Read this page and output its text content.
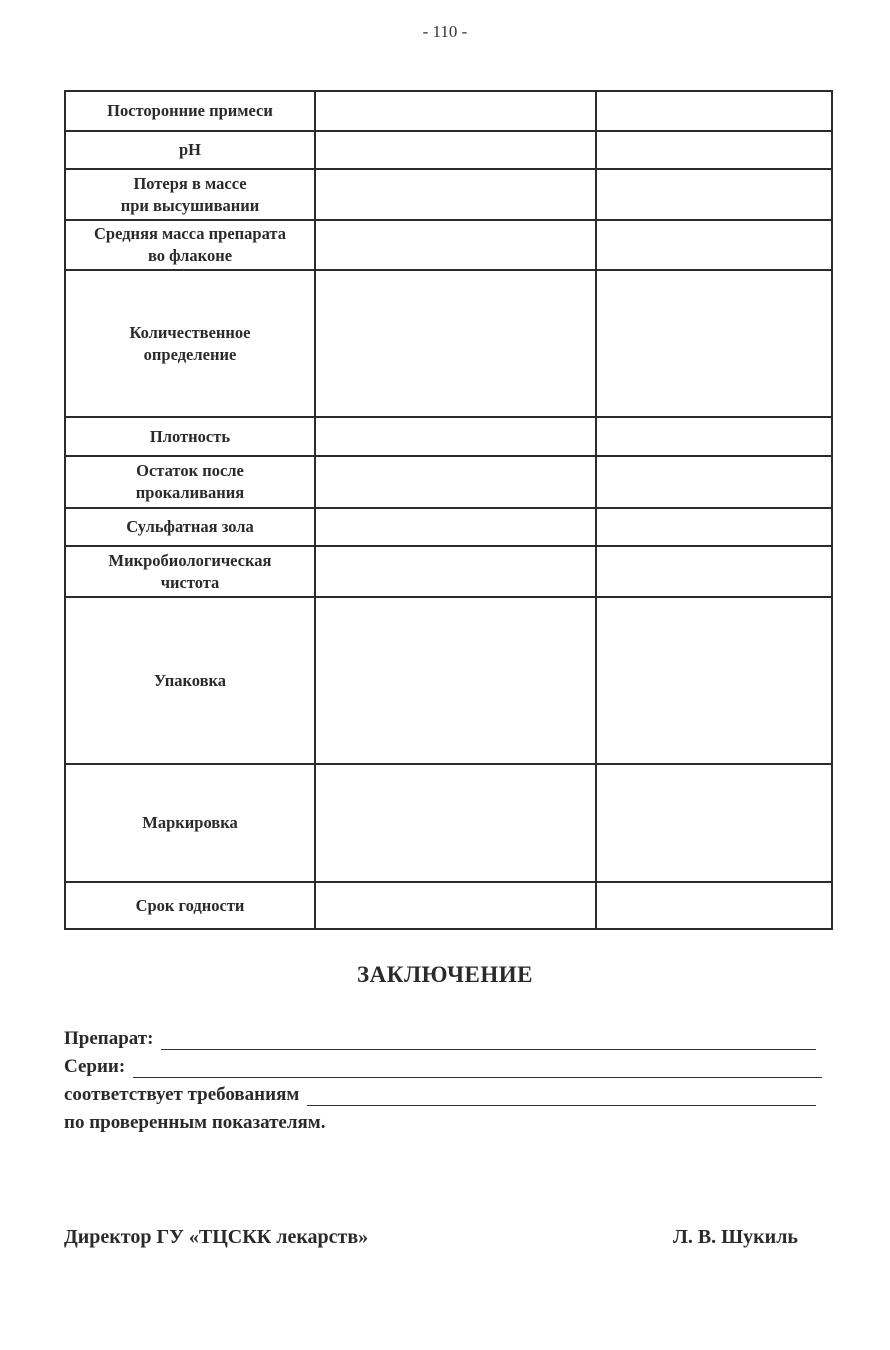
- 110 -
Посторонние примеси		
pH		
Потеря в массе
при высушивании		
Средняя масса препарата
во флаконе		
Количественное
определение		
Плотность		
Остаток после
прокаливания		
Сульфатная зола		
Микробиологическая
чистота		
Упаковка		
Маркировка		
Срок годности		
ЗАКЛЮЧЕНИЕ
Препарат:
Серии:
соответствует требованиям
по проверенным показателям.
Директор ГУ «ТЦСКК лекарств»	Л. В. Шукиль
